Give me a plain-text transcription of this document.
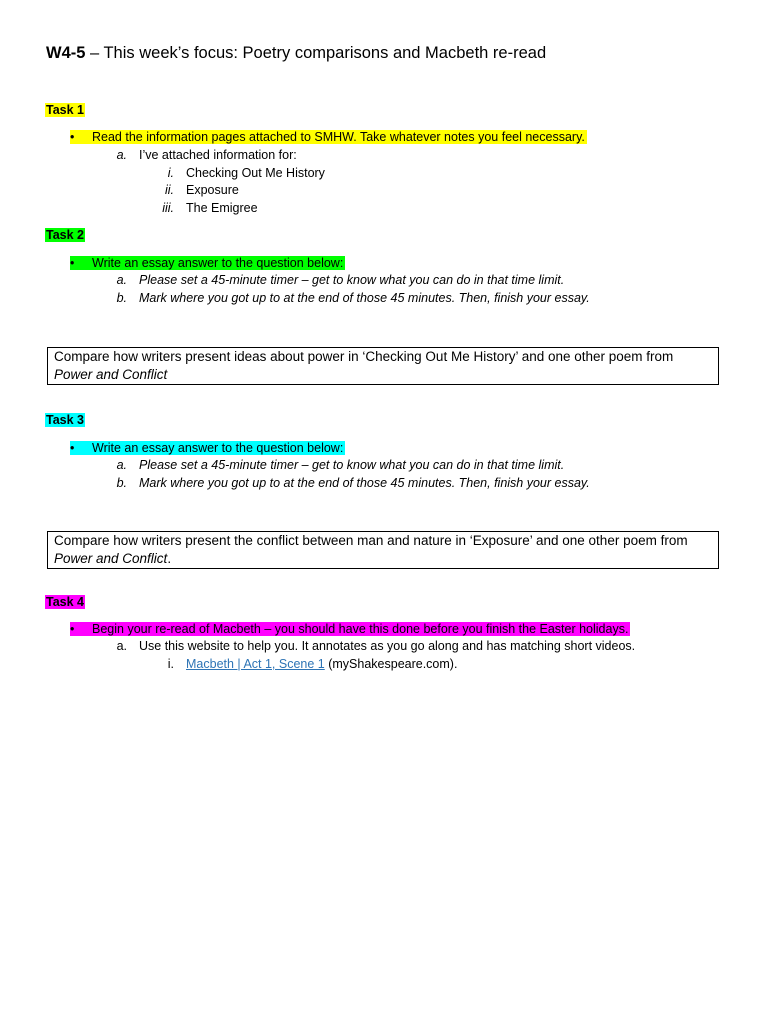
W4-5 – This week’s focus: Poetry comparisons and Macbeth re-read
Task 1
• Read the information pages attached to SMHW. Take whatever notes you feel necessary.
a. I’ve attached information for:
i. Checking Out Me History
ii. Exposure
iii. The Emigree
Task 2
• Write an essay answer to the question below:
a. Please set a 45-minute timer – get to know what you can do in that time limit.
b. Mark where you got up to at the end of those 45 minutes. Then, finish your essay.
Compare how writers present ideas about power in ‘Checking Out Me History’ and one other poem from
Power and Conflict
Task 3
• Write an essay answer to the question below:
a. Please set a 45-minute timer – get to know what you can do in that time limit.
b. Mark where you got up to at the end of those 45 minutes. Then, finish your essay.
Compare how writers present the conflict between man and nature in ‘Exposure’ and one other poem from Power and Conflict.
Task 4
• Begin your re-read of Macbeth – you should have this done before you finish the Easter holidays.
a. Use this website to help you. It annotates as you go along and has matching short videos.
i. Macbeth | Act 1, Scene 1 (myShakespeare.com).
